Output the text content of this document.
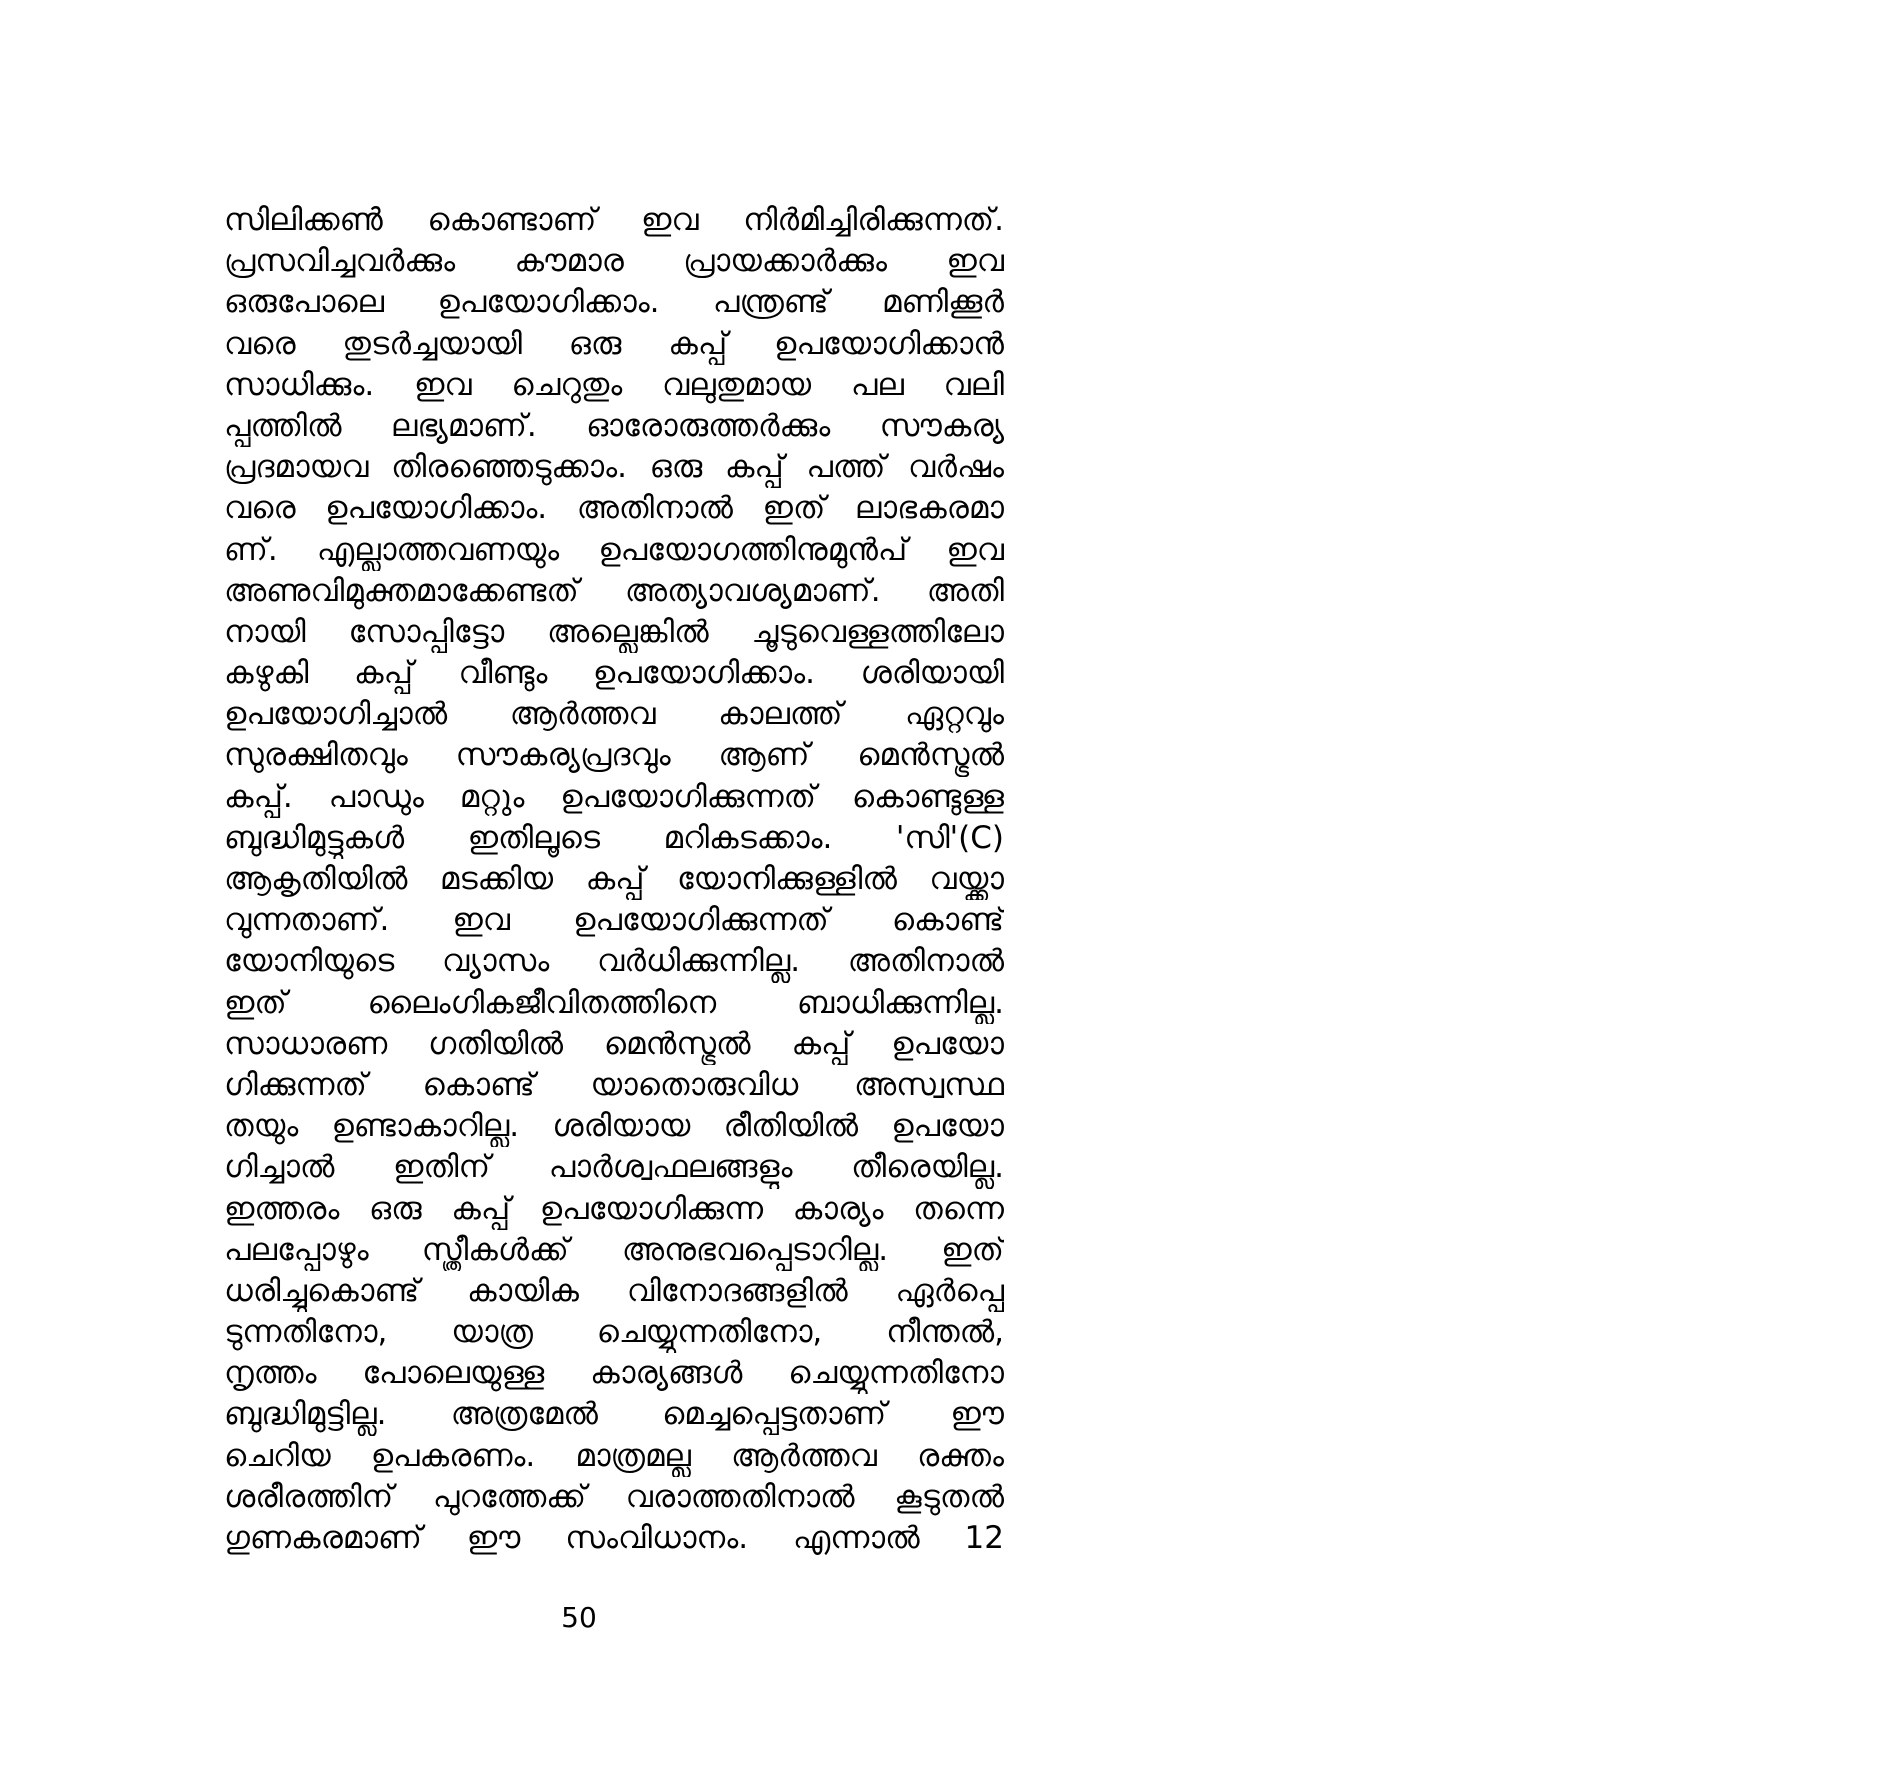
സിലിക്കൺ കൊണ്ടാണ് ഇവ നിർമിച്ചിരിക്കുന്നത്.
പ്രസവിച്ചവർക്കും കൗമാര പ്രായക്കാർക്കും ഇവ
ഒരുപോലെ ഉപയോഗിക്കാം. പന്ത്രണ്ട് മണിക്കൂർ
വരെ തുടർച്ചയായി ഒരു കപ്പ് ഉപയോഗിക്കാൻ
സാധിക്കും. ഇവ ചെറുതും വലുതുമായ പല വലി
പ്പത്തിൽ ലഭ്യമാണ്. ഓരോരുത്തർക്കും സൗകര്യ
പ്രദമായവ തിരഞ്ഞെടുക്കാം. ഒരു കപ്പ് പത്ത് വർഷം
വരെ ഉപയോഗിക്കാം. അതിനാൽ ഇത് ലാഭകരമാ
ണ്. എല്ലാത്തവണയും ഉപയോഗത്തിനുമുൻപ് ഇവ
അണുവിമുക്തമാക്കേണ്ടത് അത്യാവശ്യമാണ്. അതി
നായി സോപ്പിട്ടോ അല്ലെങ്കിൽ ചൂടുവെള്ളത്തിലോ
കഴുകി കപ്പ് വീണ്ടും ഉപയോഗിക്കാം. ശരിയായി
ഉപയോഗിച്ചാൽ ആർത്തവ കാലത്ത് ഏറ്റവും
സുരക്ഷിതവും സൗകര്യപ്രദവും ആണ് മെൻസ്ട്രൽ
കപ്പ്. പാഡും മറ്റും ഉപയോഗിക്കുന്നത് കൊണ്ടുള്ള
ബുദ്ധിമുട്ടുകൾ ഇതിലൂടെ മറികടക്കാം. 'സി'(C)
ആകൃതിയിൽ മടക്കിയ കപ്പ് യോനിക്കുള്ളിൽ വയ്ക്കാ
വുന്നതാണ്. ഇവ ഉപയോഗിക്കുന്നത് കൊണ്ട്
യോനിയുടെ വ്യാസം വർധിക്കുന്നില്ല. അതിനാൽ
ഇത് ലൈംഗികജീവിതത്തിനെ ബാധിക്കുന്നില്ല.
സാധാരണ ഗതിയിൽ മെൻസ്ട്രൽ കപ്പ് ഉപയോ
ഗിക്കുന്നത് കൊണ്ട് യാതൊരുവിധ അസ്വസ്ഥ
തയും ഉണ്ടാകാറില്ല. ശരിയായ രീതിയിൽ ഉപയോ
ഗിച്ചാൽ ഇതിന് പാർശ്വഫലങ്ങളും തീരെയില്ല.
ഇത്തരം ഒരു കപ്പ് ഉപയോഗിക്കുന്ന കാര്യം തന്നെ
പലപ്പോഴും സ്ത്രീകൾക്ക് അനുഭവപ്പെടാറില്ല. ഇത്
ധരിച്ചുകൊണ്ട് കായിക വിനോദങ്ങളിൽ ഏർപ്പെ
ടുന്നതിനോ, യാത്ര ചെയ്യുന്നതിനോ, നീന്തൽ,
നൃത്തം പോലെയുള്ള കാര്യങ്ങൾ ചെയ്യുന്നതിനോ
ബുദ്ധിമുട്ടില്ല. അത്രമേൽ മെച്ചപ്പെട്ടതാണ് ഈ
ചെറിയ ഉപകരണം. മാത്രമല്ല ആർത്തവ രക്തം
ശരീരത്തിന് പുറത്തേക്ക് വരാത്തതിനാൽ കൂടുതൽ
ഗുണകരമാണ് ഈ സംവിധാനം. എന്നാൽ 12
50
